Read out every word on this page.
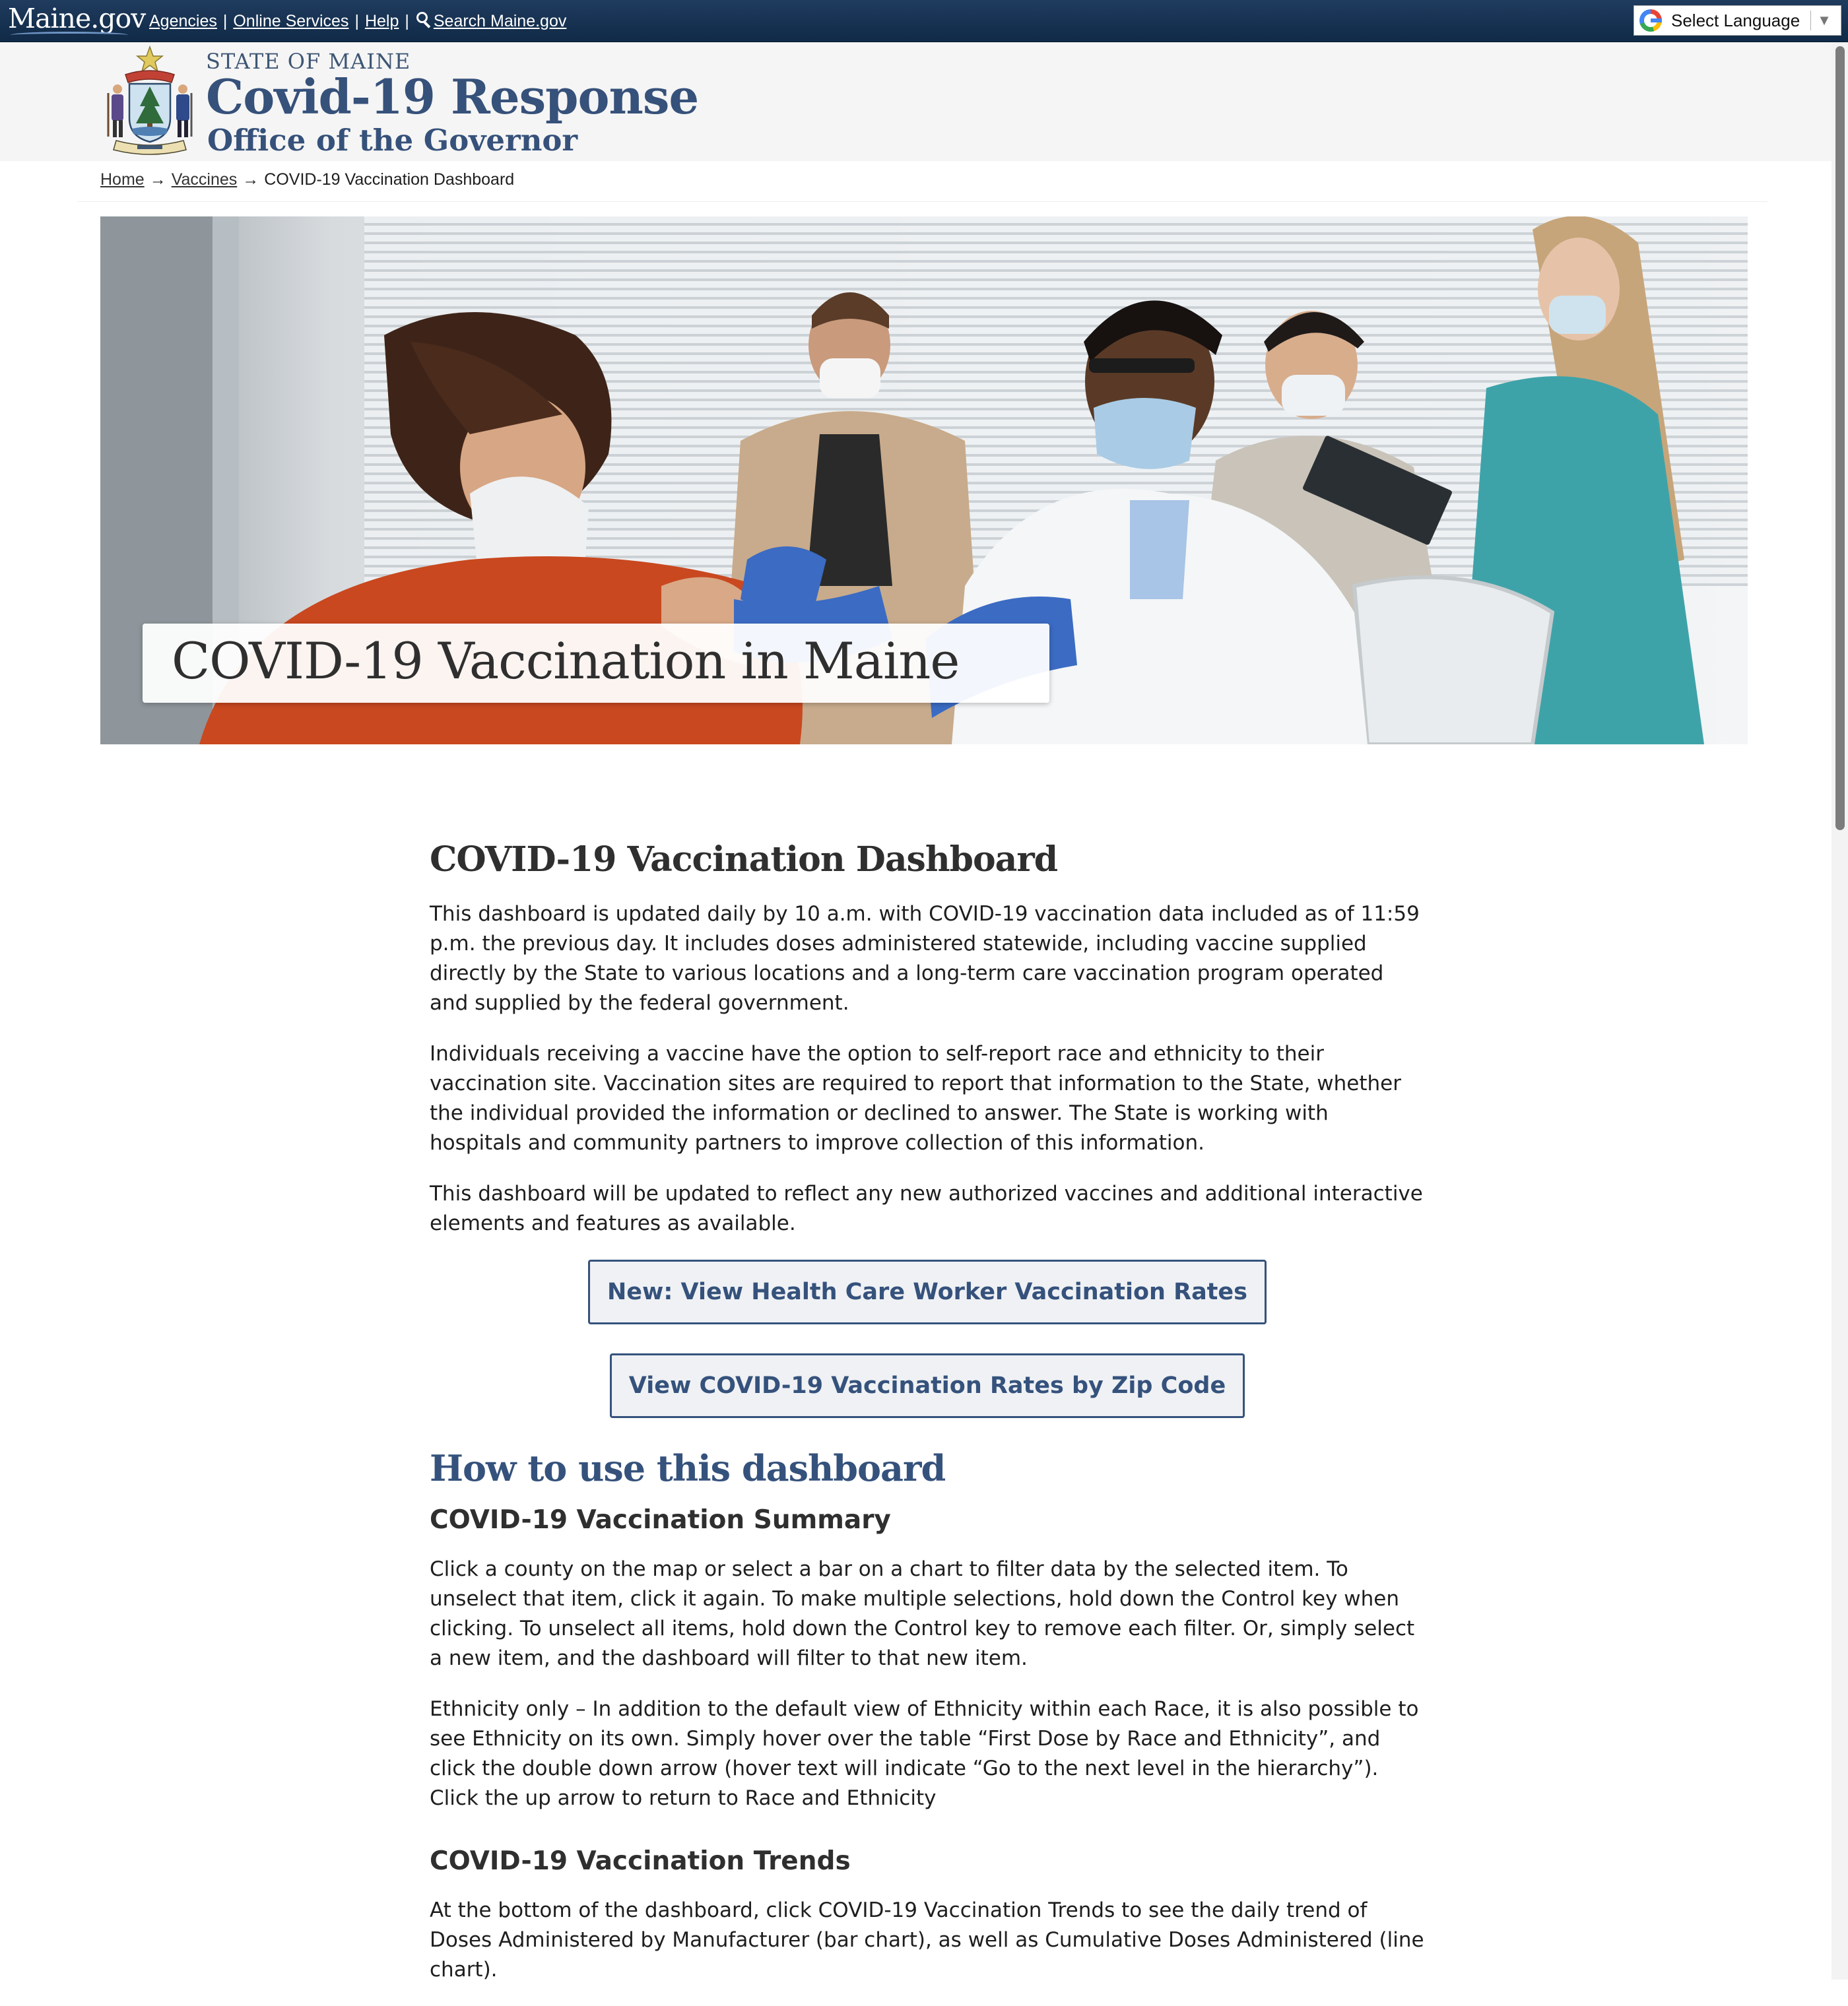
Maine.gov Agencies | Online Services | Help | Search Maine.gov	Select Language ▼
STATE OF MAINE
Covid-19 Response
Office of the Governor
Home → Vaccines → COVID-19 Vaccination Dashboard
COVID-19 Vaccination in Maine
COVID-19 Vaccination Dashboard

This dashboard is updated daily by 10 a.m. with COVID-19 vaccination data included as of 11:59 p.m. the previous day. It includes doses administered statewide, including vaccine supplied directly by the State to various locations and a long-term care vaccination program operated and supplied by the federal government.

Individuals receiving a vaccine have the option to self-report race and ethnicity to their vaccination site. Vaccination sites are required to report that information to the State, whether the individual provided the information or declined to answer. The State is working with hospitals and community partners to improve collection of this information.

This dashboard will be updated to reflect any new authorized vaccines and additional interactive elements and features as available.

New: View Health Care Worker Vaccination Rates
View COVID-19 Vaccination Rates by Zip Code
How to use this dashboard
COVID-19 Vaccination Summary

Click a county on the map or select a bar on a chart to filter data by the selected item. To unselect that item, click it again. To make multiple selections, hold down the Control key when clicking. To unselect all items, hold down the Control key to remove each filter. Or, simply select a new item, and the dashboard will filter to that new item.

Ethnicity only – In addition to the default view of Ethnicity within each Race, it is also possible to see Ethnicity on its own. Simply hover over the table “First Dose by Race and Ethnicity”, and click the double down arrow (hover text will indicate “Go to the next level in the hierarchy”). Click the up arrow to return to Race and Ethnicity

COVID-19 Vaccination Trends

At the bottom of the dashboard, click COVID-19 Vaccination Trends to see the daily trend of Doses Administered by Manufacturer (bar chart), as well as Cumulative Doses Administered (line chart).
